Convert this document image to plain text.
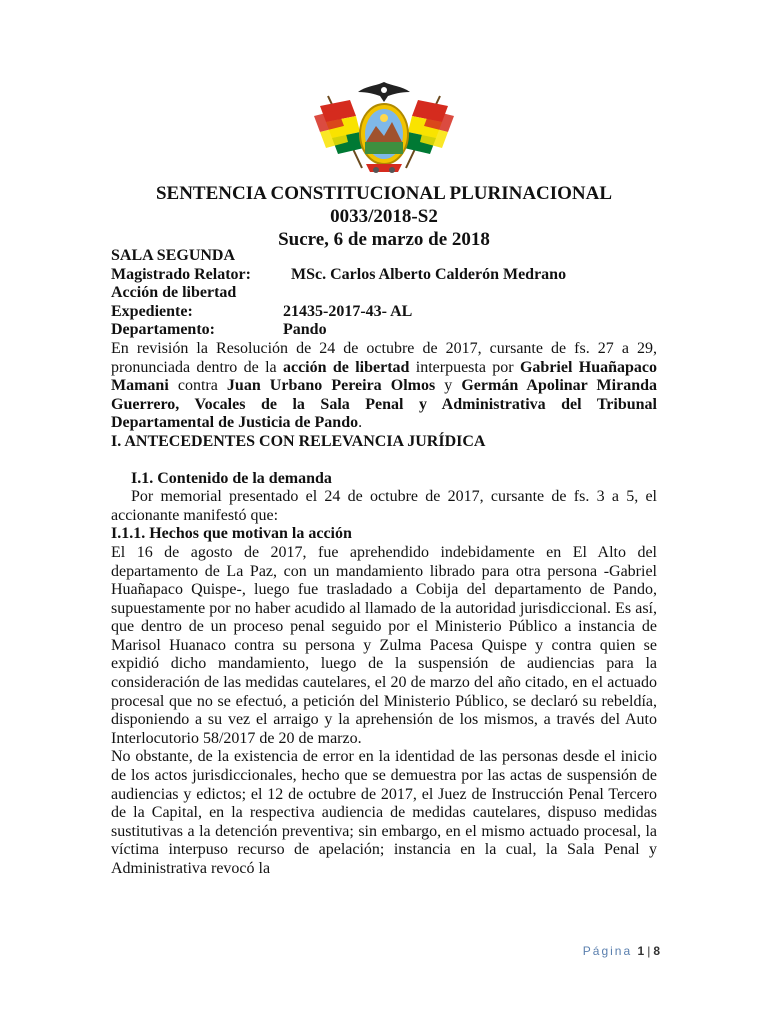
SENTENCIA CONSTITUCIONAL PLURINACIONAL
0033/2018-S2
Sucre, 6 de marzo de 2018
SALA SEGUNDA
Magistrado Relator:	MSc. Carlos Alberto Calderón Medrano
Acción de libertad
Expediente:	21435-2017-43- AL
Departamento:	Pando

En revisión la Resolución de 24 de octubre de 2017, cursante de fs. 27 a 29, pronunciada dentro de la acción de libertad interpuesta por Gabriel Huañapaco Mamani contra Juan Urbano Pereira Olmos y Germán Apolinar Miranda Guerrero, Vocales de la Sala Penal y Administrativa del Tribunal Departamental de Justicia de Pando.

I. ANTECEDENTES CON RELEVANCIA JURÍDICA
I.1. Contenido de la demanda

Por memorial presentado el 24 de octubre de 2017, cursante de fs. 3 a 5, el accionante manifestó que:

I.1.1. Hechos que motivan la acción

El 16 de agosto de 2017, fue aprehendido indebidamente en El Alto del departamento de La Paz, con un mandamiento librado para otra persona -Gabriel Huañapaco Quispe-, luego fue trasladado a Cobija del departamento de Pando, supuestamente por no haber acudido al llamado de la autoridad jurisdiccional. Es así, que dentro de un proceso penal seguido por el Ministerio Público a instancia de Marisol Huanaco contra su persona y Zulma Pacesa Quispe y contra quien se expidió dicho mandamiento, luego de la suspensión de audiencias para la consideración de las medidas cautelares, el 20 de marzo del año citado, en el actuado procesal que no se efectuó, a petición del Ministerio Público, se declaró su rebeldía, disponiendo a su vez el arraigo y la aprehensión de los mismos, a través del Auto Interlocutorio 58/2017 de 20 de marzo.

No obstante, de la existencia de error en la identidad de las personas desde el inicio de los actos jurisdiccionales, hecho que se demuestra por las actas de suspensión de audiencias y edictos; el 12 de octubre de 2017, el Juez de Instrucción Penal Tercero de la Capital, en la respectiva audiencia de medidas cautelares, dispuso medidas sustitutivas a la detención preventiva; sin embargo, en el mismo actuado procesal, la víctima interpuso recurso de apelación; instancia en la cual, la Sala Penal y Administrativa revocó la

Página 1 | 8
